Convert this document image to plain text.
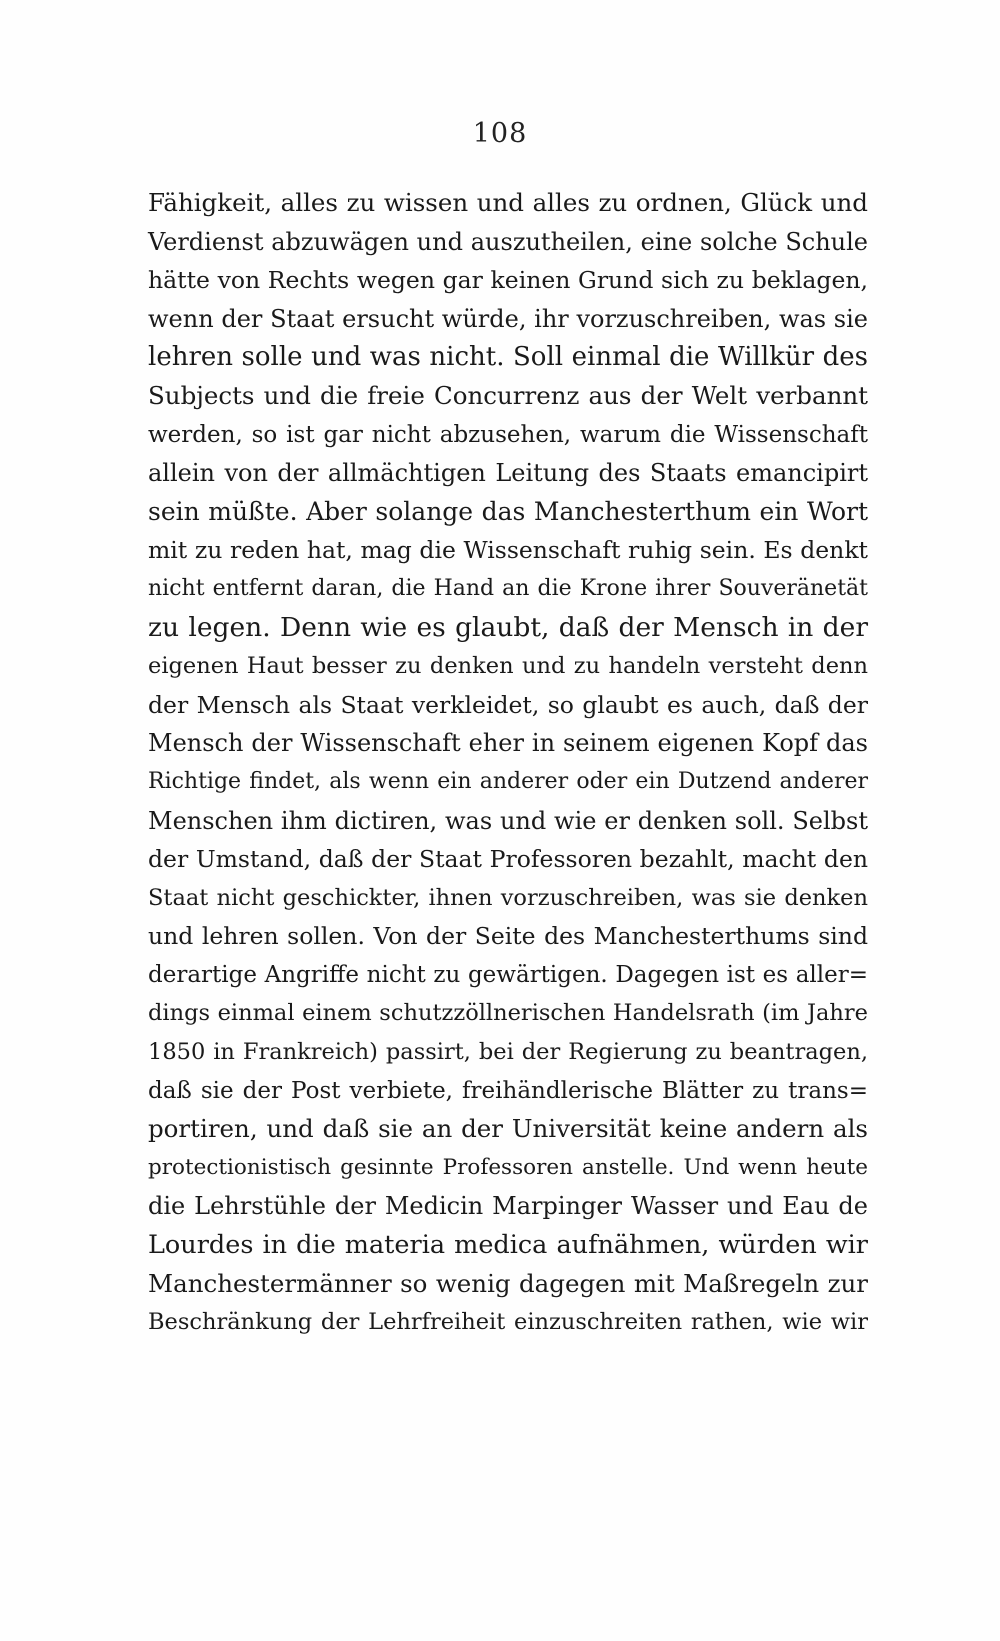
108
Fähigkeit, alles zu wissen und alles zu ordnen, Glück und
Verdienst abzuwägen und auszutheilen, eine solche Schule
hätte von Rechts wegen gar keinen Grund sich zu beklagen,
wenn der Staat ersucht würde, ihr vorzuschreiben, was sie
lehren solle und was nicht. Soll einmal die Willkür des
Subjects und die freie Concurrenz aus der Welt verbannt
werden, so ist gar nicht abzusehen, warum die Wissenschaft
allein von der allmächtigen Leitung des Staats emancipirt
sein müßte. Aber solange das Manchesterthum ein Wort
mit zu reden hat, mag die Wissenschaft ruhig sein. Es denkt
nicht entfernt daran, die Hand an die Krone ihrer Souveränetät
zu legen. Denn wie es glaubt, daß der Mensch in der
eigenen Haut besser zu denken und zu handeln versteht denn
der Mensch als Staat verkleidet, so glaubt es auch, daß der
Mensch der Wissenschaft eher in seinem eigenen Kopf das
Richtige findet, als wenn ein anderer oder ein Dutzend anderer
Menschen ihm dictiren, was und wie er denken soll. Selbst
der Umstand, daß der Staat Professoren bezahlt, macht den
Staat nicht geschickter, ihnen vorzuschreiben, was sie denken
und lehren sollen. Von der Seite des Manchesterthums sind
derartige Angriffe nicht zu gewärtigen. Dagegen ist es aller=
dings einmal einem schutzzöllnerischen Handelsrath (im Jahre
1850 in Frankreich) passirt, bei der Regierung zu beantragen,
daß sie der Post verbiete, freihändlerische Blätter zu trans=
portiren, und daß sie an der Universität keine andern als
protectionistisch gesinnte Professoren anstelle. Und wenn heute
die Lehrstühle der Medicin Marpinger Wasser und Eau de
Lourdes in die materia medica aufnähmen, würden wir
Manchestermänner so wenig dagegen mit Maßregeln zur
Beschränkung der Lehrfreiheit einzuschreiten rathen, wie wir
